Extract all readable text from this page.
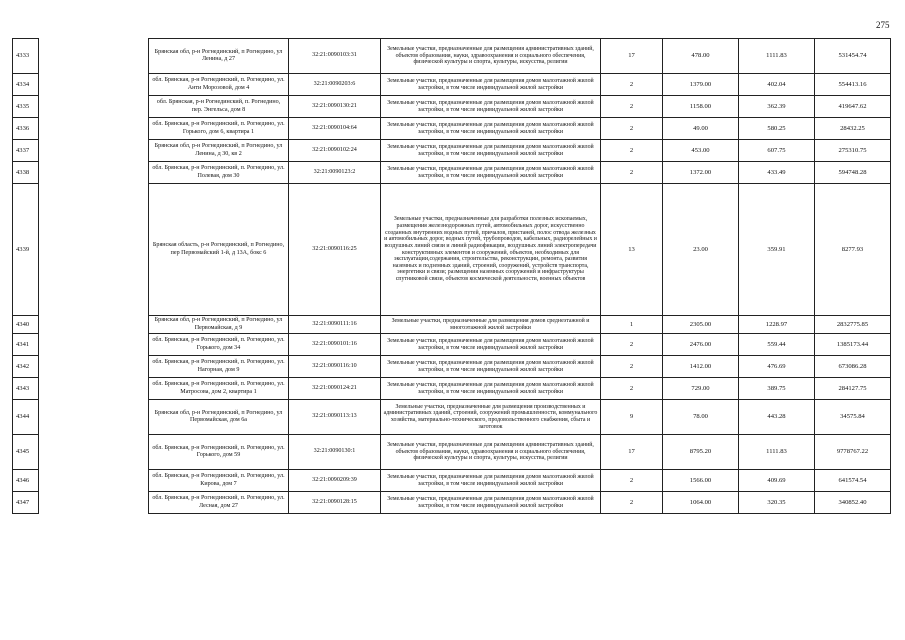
275
4333		Брянская обл, р-н Рогнединский, п Рогнедино, ул Ленина, д 27	32:21:0090103:31	Земельные участки, предназначенные для размещения административных зданий, объектов образования, науки, здравоохранения и социального обеспечения, физической культуры и спорта, культуры, искусства, религии	17	478.00	1111.83	531454.74
4334		обл. Брянская, р-н Рогнединский, п. Рогнедино, ул. Анти Морозовой, дом 4	32:21:0090203:6	Земельные участки, предназначенные для размещения домов малоэтажной жилой застройки, в том числе индивидуальной жилой застройки	2	1379.00	402.04	554413.16
4335		обл. Брянская, р-н Рогнединский, п. Рогнедино, пер. Энгельса, дом 8	32:21:0090130:21	Земельные участки, предназначенные для размещения домов малоэтажной жилой застройки, в том числе индивидуальной жилой застройки	2	1158.00	362.39	419647.62
4336		обл. Брянская, р-н Рогнединский, п. Рогнедино, ул. Горького, дом 6, квартира 1	32:21:0090104:64	Земельные участки, предназначенные для размещения домов малоэтажной жилой застройки, в том числе индивидуальной жилой застройки	2	49.00	580.25	28432.25
4337		Брянская обл, р-н Рогнединский, п Рогнедино, ул Ленина, д 30, кв 2	32:21:0090102:24	Земельные участки, предназначенные для размещения домов малоэтажной жилой застройки, в том числе индивидуальной жилой застройки	2	453.00	607.75	275310.75
4338		обл. Брянская, р-н Рогнединский, п. Рогнедино, ул. Полевая, дом 30	32:21:0090123:2	Земельные участки, предназначенные для размещения домов малоэтажной жилой застройки, в том числе индивидуальной жилой застройки	2	1372.00	433.49	594748.28
4339		Брянская область, р-н Рогнединский, п Рогнедино, пер Первомайский 1-й, д 13А, бокс 6	32:21:0090116:25	Земельные участки, предназначенные для разработки полезных ископаемых, размещения железнодорожных путей, автомобильных дорог, искусственно созданных внутренних водных путей, причалов, пристаней, полос отвода железных и автомобильных дорог, водных путей, трубопроводов, кабельных, радиорелейных и воздушных линий связи и линий радиофикации, воздушных линий электропередачи конструктивных элементов и сооружений, объектов, необходимых для эксплуатации,содержания, строительства, реконструкции, ремонта, развития наземных и подземных зданий, строений, сооружений, устройств транспорта, энергетики и связи; размещения наземных сооружений и инфраструктуры спутниковой связи, объектов космической деятельности, военных объектов	13	23.00	359.91	8277.93
4340		Брянская обл, р-н Рогнединский, п Рогнедино, ул Первомайская, д 9	32:21:0090111:16	Земельные участки, предназначенные для размещения домов среднеэтажной и многоэтажной жилой застройки	1	2305.00	1228.97	2832775.85
4341		обл. Брянская, р-н Рогнединский, п. Рогнедино, ул. Горького, дом 34	32:21:0090101:16	Земельные участки, предназначенные для размещения домов малоэтажной жилой застройки, в том числе индивидуальной жилой застройки	2	2476.00	559.44	1385173.44
4342		обл. Брянская, р-н Рогнединский, п. Рогнедино, ул. Нагорная, дом 9	32:21:0090116:10	Земельные участки, предназначенные для размещения домов малоэтажной жилой застройки, в том числе индивидуальной жилой застройки	2	1412.00	476.69	673086.28
4343		обл. Брянская, р-н Рогнединский, п. Рогнедино, ул. Матросова, дом 2, квартира 1	32:21:0090124:21	Земельные участки, предназначенные для размещения домов малоэтажной жилой застройки, в том числе индивидуальной жилой застройки	2	729.00	389.75	284127.75
4344		Брянская обл, р-н Рогнединский, п Рогнедино, ул Первомайская, дом 6а	32:21:0090113:13	Земельные участки, предназначенные для размещения производственных и административных зданий, строений, сооружений промышленности, коммунального хозяйства, материально-технического, продовольственного снабжения, сбыта и заготовок	9	78.00	443.28	34575.84
4345		обл. Брянская, р-н Рогнединский, п. Рогнедино, ул. Горького, дом 59	32:21:0090130:1	Земельные участки, предназначенные для размещения административных зданий, объектов образования, науки, здравоохранения и социального обеспечения, физической культуры и спорта, культуры, искусства, религии	17	8795.20	1111.83	9778767.22
4346		обл. Брянская, р-н Рогнединский, п. Рогнедино, ул. Кирова, дом 7	32:21:0090209:39	Земельные участки, предназначенные для размещения домов малоэтажной жилой застройки, в том числе индивидуальной жилой застройки	2	1566.00	409.69	641574.54
4347		обл. Брянская, р-н Рогнединский, п. Рогнедино, ул. Лесная, дом 27	32:21:0090128:15	Земельные участки, предназначенные для размещения домов малоэтажной жилой застройки, в том числе индивидуальной жилой застройки	2	1064.00	320.35	340852.40
